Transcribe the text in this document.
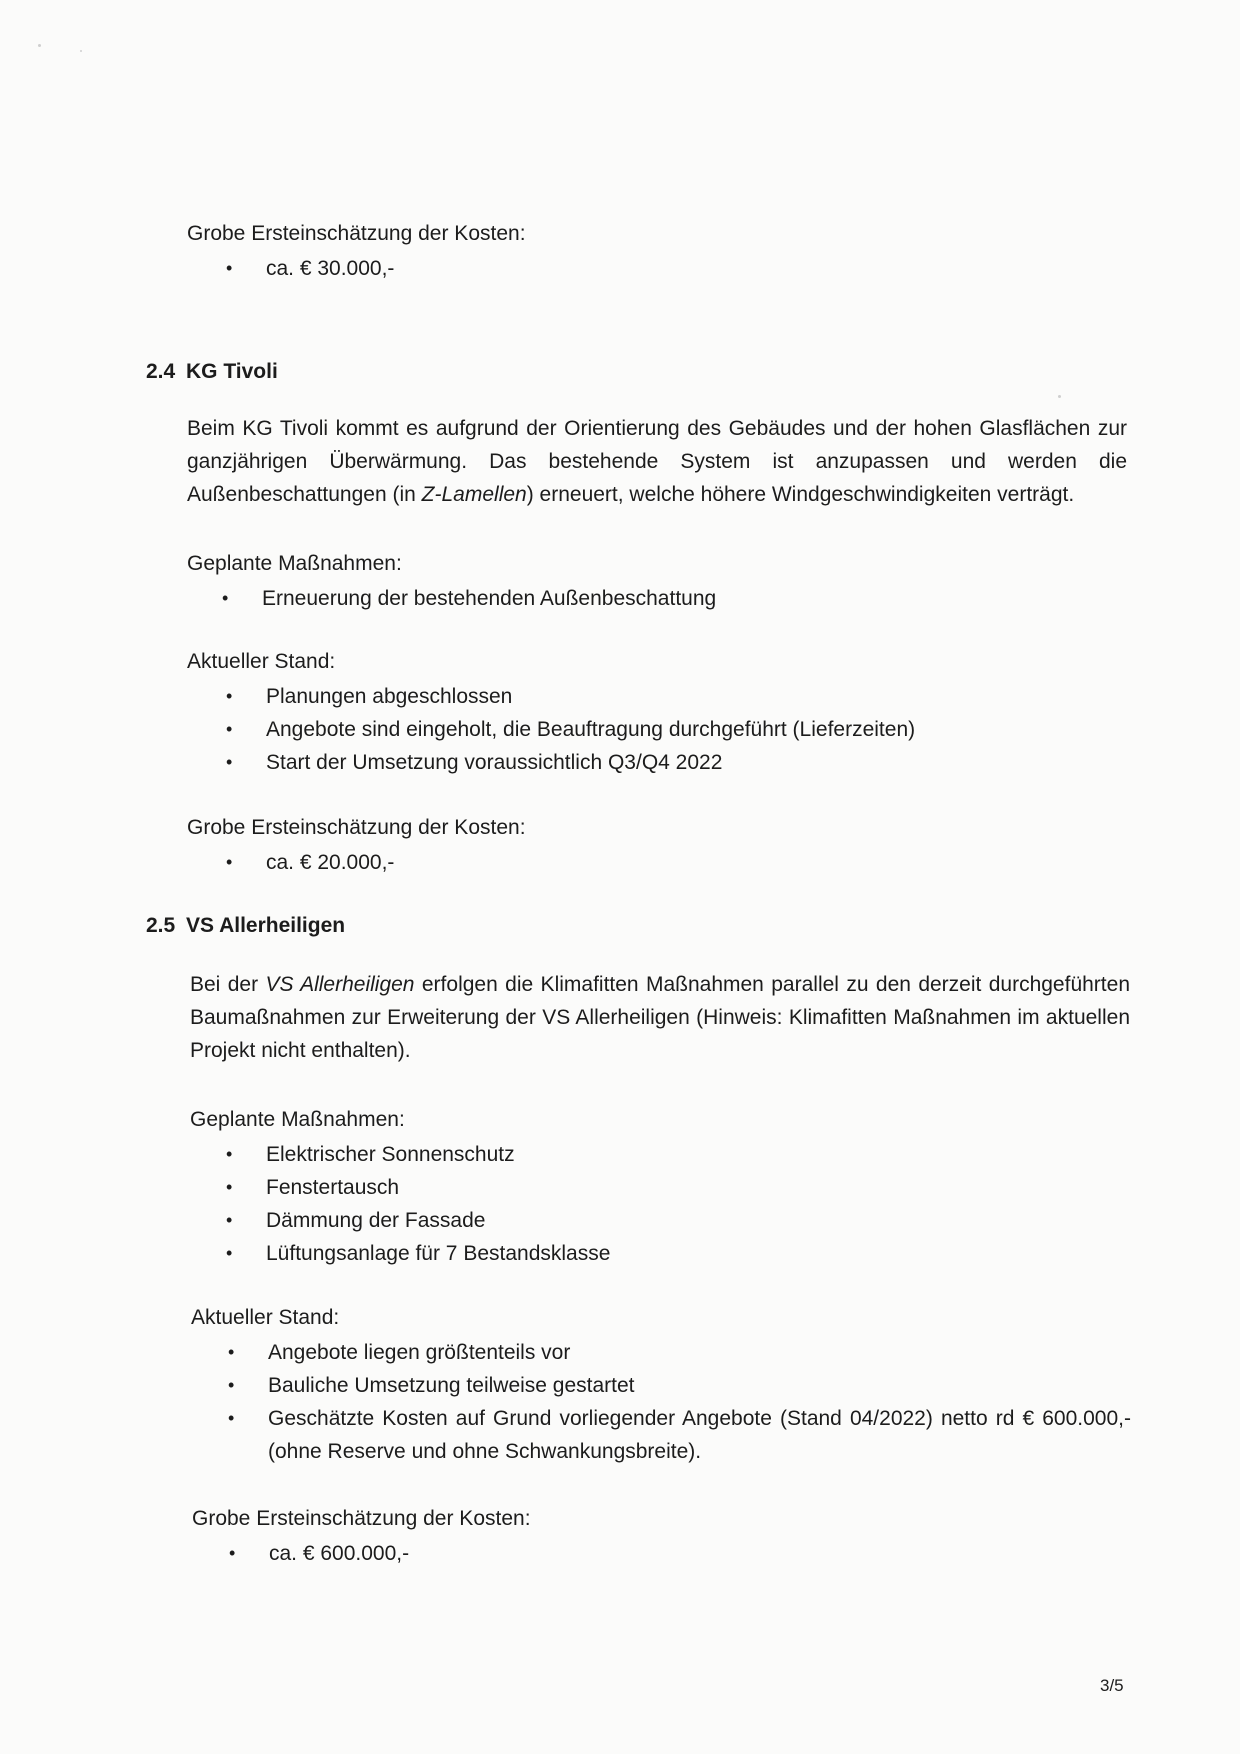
Grobe Ersteinschätzung der Kosten:
•	ca. € 30.000,-
2.4 KG Tivoli
Beim KG Tivoli kommt es aufgrund der Orientierung des Gebäudes und der hohen Glasflächen zur ganzjährigen Überwärmung. Das bestehende System ist anzupassen und werden die Außenbeschattungen (in Z-Lamellen) erneuert, welche höhere Windgeschwindigkeiten verträgt.
Geplante Maßnahmen:
•	Erneuerung der bestehenden Außenbeschattung
Aktueller Stand:
•	Planungen abgeschlossen
•	Angebote sind eingeholt, die Beauftragung durchgeführt (Lieferzeiten)
•	Start der Umsetzung voraussichtlich Q3/Q4 2022
Grobe Ersteinschätzung der Kosten:
•	ca. € 20.000,-
2.5 VS Allerheiligen
Bei der VS Allerheiligen erfolgen die Klimafitten Maßnahmen parallel zu den derzeit durchgeführten Baumaßnahmen zur Erweiterung der VS Allerheiligen (Hinweis: Klimafitten Maßnahmen im aktuellen Projekt nicht enthalten).
Geplante Maßnahmen:
•	Elektrischer Sonnenschutz
•	Fenstertausch
•	Dämmung der Fassade
•	Lüftungsanlage für 7 Bestandsklasse
Aktueller Stand:
•	Angebote liegen größtenteils vor
•	Bauliche Umsetzung teilweise gestartet
•	Geschätzte Kosten auf Grund vorliegender Angebote (Stand 04/2022) netto rd € 600.000,- (ohne Reserve und ohne Schwankungsbreite).
Grobe Ersteinschätzung der Kosten:
•	ca. € 600.000,-
3/5
